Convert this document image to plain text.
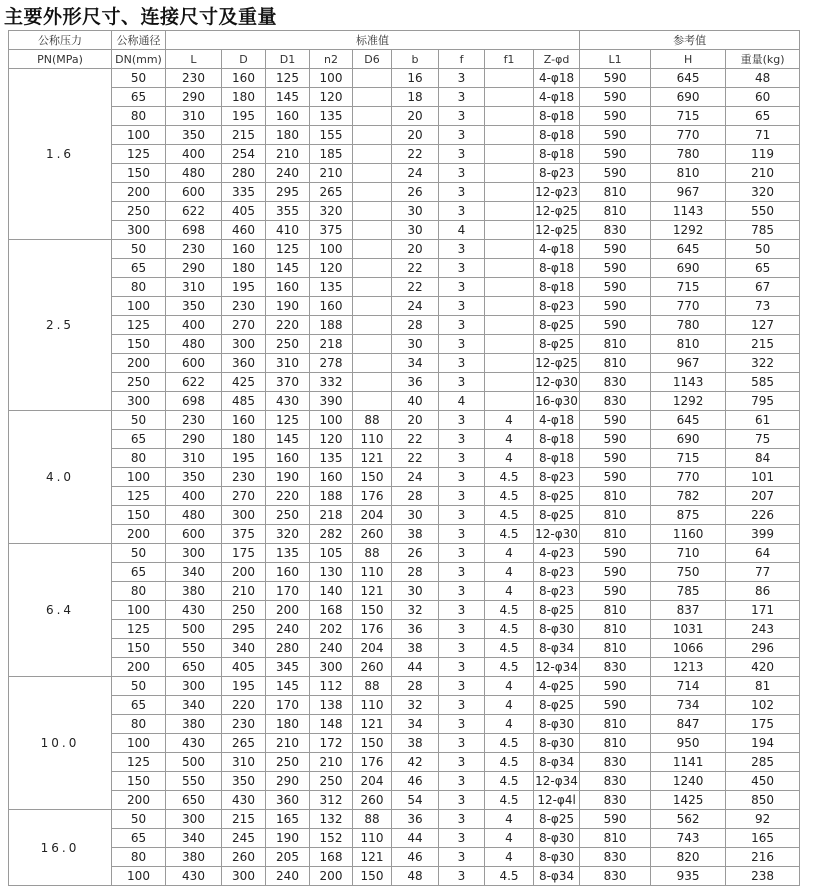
主要外形尺寸、连接尺寸及重量
公称压力	公称通径	标准值									参考值		
PN(MPa)	DN(mm)	L	D	D1	n2	D6	b	f	f1	Z-φd	L1	H	重量(kg)
1.6	50	230	160	125	100		16	3		4-φ18	590	645	48
	65	290	180	145	120		18	3		4-φ18	590	690	60
	80	310	195	160	135		20	3		8-φ18	590	715	65
	100	350	215	180	155		20	3		8-φ18	590	770	71
	125	400	254	210	185		22	3		8-φ18	590	780	119
	150	480	280	240	210		24	3		8-φ23	590	810	210
	200	600	335	295	265		26	3		12-φ23	810	967	320
	250	622	405	355	320		30	3		12-φ25	810	1143	550
	300	698	460	410	375		30	4		12-φ25	830	1292	785
2.5	50	230	160	125	100		20	3		4-φ18	590	645	50
	65	290	180	145	120		22	3		8-φ18	590	690	65
	80	310	195	160	135		22	3		8-φ18	590	715	67
	100	350	230	190	160		24	3		8-φ23	590	770	73
	125	400	270	220	188		28	3		8-φ25	590	780	127
	150	480	300	250	218		30	3		8-φ25	810	810	215
	200	600	360	310	278		34	3		12-φ25	810	967	322
	250	622	425	370	332		36	3		12-φ30	830	1143	585
	300	698	485	430	390		40	4		16-φ30	830	1292	795
4.0	50	230	160	125	100	88	20	3	4	4-φ18	590	645	61
	65	290	180	145	120	110	22	3	4	8-φ18	590	690	75
	80	310	195	160	135	121	22	3	4	8-φ18	590	715	84
	100	350	230	190	160	150	24	3	4.5	8-φ23	590	770	101
	125	400	270	220	188	176	28	3	4.5	8-φ25	810	782	207
	150	480	300	250	218	204	30	3	4.5	8-φ25	810	875	226
	200	600	375	320	282	260	38	3	4.5	12-φ30	810	1160	399
6.4	50	300	175	135	105	88	26	3	4	4-φ23	590	710	64
	65	340	200	160	130	110	28	3	4	8-φ23	590	750	77
	80	380	210	170	140	121	30	3	4	8-φ23	590	785	86
	100	430	250	200	168	150	32	3	4.5	8-φ25	810	837	171
	125	500	295	240	202	176	36	3	4.5	8-φ30	810	1031	243
	150	550	340	280	240	204	38	3	4.5	8-φ34	810	1066	296
	200	650	405	345	300	260	44	3	4.5	12-φ34	830	1213	420
10.0	50	300	195	145	112	88	28	3	4	4-φ25	590	714	81
	65	340	220	170	138	110	32	3	4	8-φ25	590	734	102
	80	380	230	180	148	121	34	3	4	8-φ30	810	847	175
	100	430	265	210	172	150	38	3	4.5	8-φ30	810	950	194
	125	500	310	250	210	176	42	3	4.5	8-φ34	830	1141	285
	150	550	350	290	250	204	46	3	4.5	12-φ34	830	1240	450
	200	650	430	360	312	260	54	3	4.5	12-φ4l	830	1425	850
16.0	50	300	215	165	132	88	36	3	4	8-φ25	590	562	92
	65	340	245	190	152	110	44	3	4	8-φ30	810	743	165
	80	380	260	205	168	121	46	3	4	8-φ30	830	820	216
	100	430	300	240	200	150	48	3	4.5	8-φ34	830	935	238
